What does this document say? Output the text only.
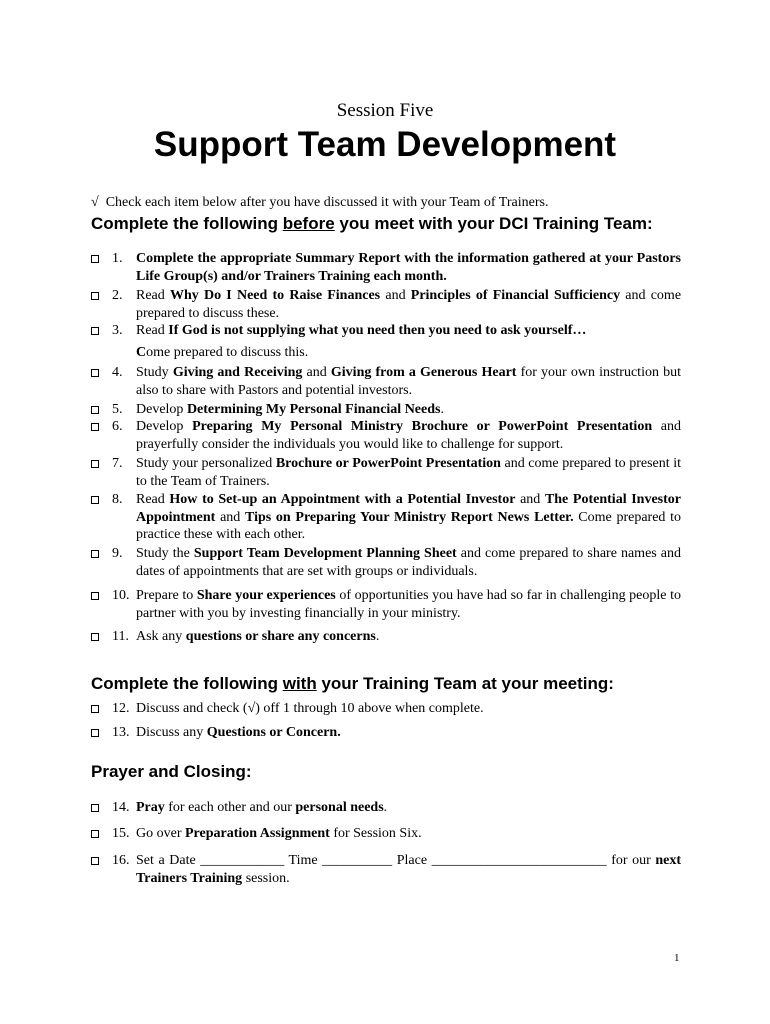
Session Five
Support Team Development
√ Check each item below after you have discussed it with your Team of Trainers.
Complete the following before you meet with your DCI Training Team:
Complete the following with your Training Team at your meeting:
Prayer and Closing:
1. Complete the appropriate Summary Report with the information gathered at your Pastors Life Group(s) and/or Trainers Training each month.
2. Read Why Do I Need to Raise Finances and Principles of Financial Sufficiency and come prepared to discuss these.
3. Read If God is not supplying what you need then you need to ask yourself…
Come prepared to discuss this.
4. Study Giving and Receiving and Giving from a Generous Heart for your own instruction but also to share with Pastors and potential investors.
5. Develop Determining My Personal Financial Needs.
6. Develop Preparing My Personal Ministry Brochure or PowerPoint Presentation and prayerfully consider the individuals you would like to challenge for support.
7. Study your personalized Brochure or PowerPoint Presentation and come prepared to present it to the Team of Trainers.
8. Read How to Set-up an Appointment with a Potential Investor and The Potential Investor Appointment and Tips on Preparing Your Ministry Report News Letter. Come prepared to practice these with each other.
9. Study the Support Team Development Planning Sheet and come prepared to share names and dates of appointments that are set with groups or individuals.
10. Prepare to Share your experiences of opportunities you have had so far in challenging people to partner with you by investing financially in your ministry.
11. Ask any questions or share any concerns.
12. Discuss and check (√) off 1 through 10 above when complete.
13. Discuss any Questions or Concern.
14. Pray for each other and our personal needs.
15. Go over Preparation Assignment for Session Six.
16. Set a Date ____________ Time __________ Place _________________________ for our next Trainers Training session.
1
